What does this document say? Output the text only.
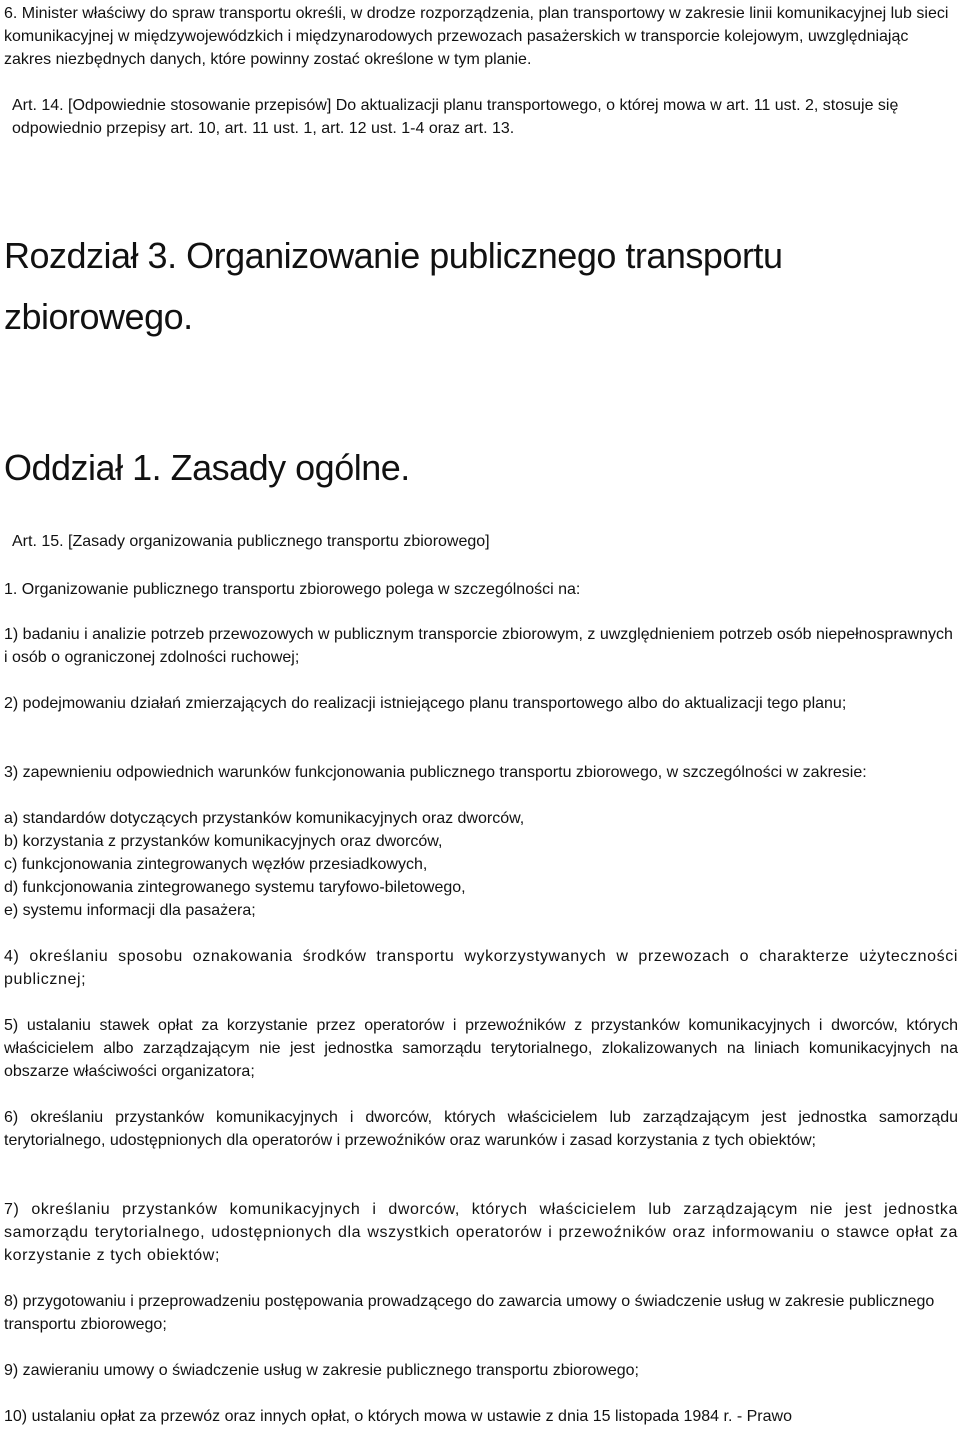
6. Minister właściwy do spraw transportu określi, w drodze rozporządzenia, plan transportowy w zakresie linii komunikacyjnej lub sieci komunikacyjnej w międzywojewódzkich i międzynarodowych przewozach pasażerskich w transporcie kolejowym, uwzględniając zakres niezbędnych danych, które powinny zostać określone w tym planie.
Art. 14. [Odpowiednie stosowanie przepisów] Do aktualizacji planu transportowego, o której mowa w art. 11 ust. 2, stosuje się odpowiednio przepisy art. 10, art. 11 ust. 1, art. 12 ust. 1-4 oraz art. 13.
Rozdział 3. Organizowanie publicznego transportu
zbiorowego.
Oddział 1. Zasady ogólne.
Art. 15. [Zasady organizowania publicznego transportu zbiorowego]
1. Organizowanie publicznego transportu zbiorowego polega w szczególności na:
1) badaniu i analizie potrzeb przewozowych w publicznym transporcie zbiorowym, z uwzględnieniem potrzeb osób niepełnosprawnych i osób o ograniczonej zdolności ruchowej;
2) podejmowaniu działań zmierzających do realizacji istniejącego planu transportowego albo do aktualizacji tego planu;
3) zapewnieniu odpowiednich warunków funkcjonowania publicznego transportu zbiorowego, w szczególności w zakresie:
a) standardów dotyczących przystanków komunikacyjnych oraz dworców,
b) korzystania z przystanków komunikacyjnych oraz dworców,
c) funkcjonowania zintegrowanych węzłów przesiadkowych,
d) funkcjonowania zintegrowanego systemu taryfowo-biletowego,
e) systemu informacji dla pasażera;
4) określaniu sposobu oznakowania środków transportu wykorzystywanych w przewozach o charakterze użyteczności publicznej;
5) ustalaniu stawek opłat za korzystanie przez operatorów i przewoźników z przystanków komunikacyjnych i dworców, których właścicielem albo zarządzającym nie jest jednostka samorządu terytorialnego, zlokalizowanych na liniach komunikacyjnych na obszarze właściwości organizatora;
6) określaniu przystanków komunikacyjnych i dworców, których właścicielem lub zarządzającym jest jednostka samorządu terytorialnego, udostępnionych dla operatorów i przewoźników oraz warunków i zasad korzystania z tych obiektów;
7) określaniu przystanków komunikacyjnych i dworców, których właścicielem lub zarządzającym nie jest jednostka samorządu terytorialnego, udostępnionych dla wszystkich operatorów i przewoźników oraz informowaniu o stawce opłat za korzystanie z tych obiektów;
8) przygotowaniu i przeprowadzeniu postępowania prowadzącego do zawarcia umowy o świadczenie usług w zakresie publicznego transportu zbiorowego;
9) zawieraniu umowy o świadczenie usług w zakresie publicznego transportu zbiorowego;
10) ustalaniu opłat za przewóz oraz innych opłat, o których mowa w ustawie z dnia 15 listopada 1984 r. - Prawo
